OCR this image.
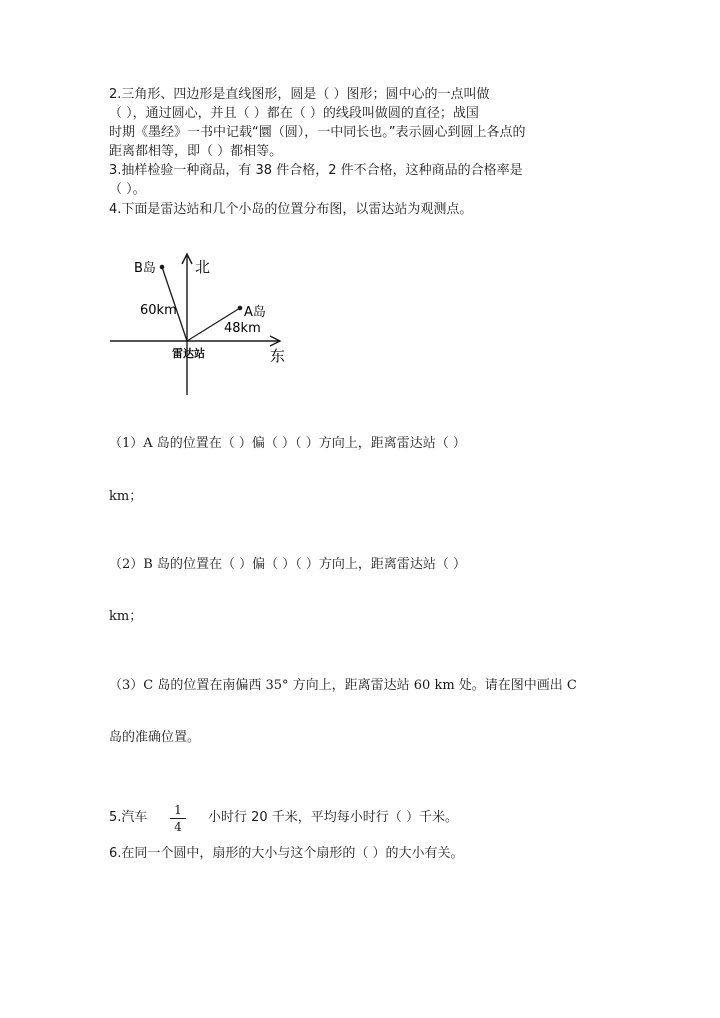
2.三角形、四边形是直线图形，圆是（ ）图形；圆中心的一点叫做
（ ），通过圆心，并且（ ）都在（ ）的线段叫做圆的直径；战国
时期《墨经》一书中记载“圜（圆），一中同长也。”表示圆心到圆上各点的
距离都相等，即（ ）都相等。
3.抽样检验一种商品，有 38 件合格，2 件不合格，这种商品的合格率是
（ ）。
4.下面是雷达站和几个小岛的位置分布图，以雷达站为观测点。
北
东
B岛
A岛
60km
48km
雷达站
（1）A 岛的位置在（ ）偏（ ）（ ）方向上，距离雷达站（ ）
km；
（2）B 岛的位置在（ ）偏（ ）（ ）方向上，距离雷达站（ ）
km；
（3）C 岛的位置在南偏西 35° 方向上，距离雷达站 60 km 处。请在图中画出 C
岛的准确位置。
5.汽车	1
4
小时行 20 千米，平均每小时行（ ）千米。
6.在同一个圆中，扇形的大小与这个扇形的（ ）的大小有关。
